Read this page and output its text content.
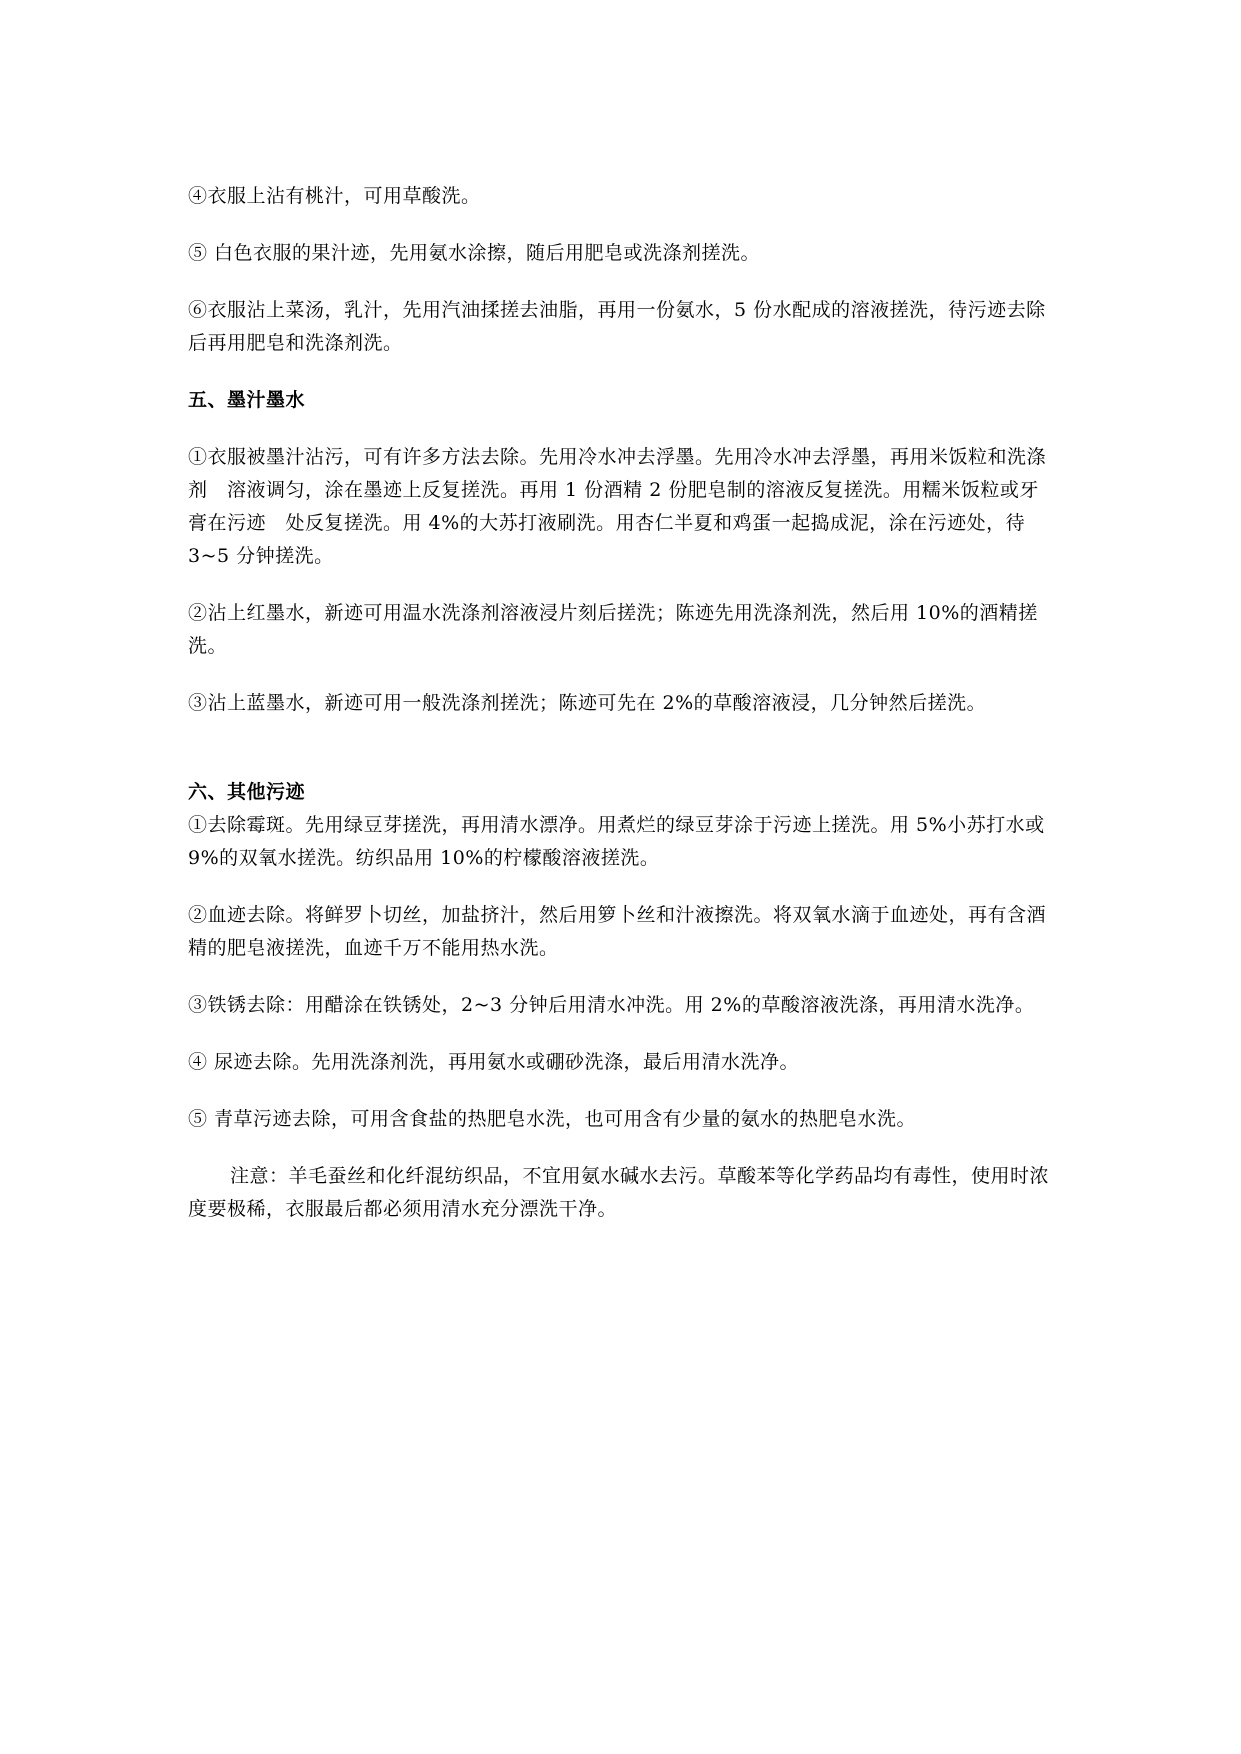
④衣服上沾有桃汁，可用草酸洗。

⑤ 白色衣服的果汁迹，先用氨水涂擦，随后用肥皂或洗涤剂搓洗。

⑥衣服沾上菜汤，乳汁，先用汽油揉搓去油脂，再用一份氨水，5 份水配成的溶液搓洗，待污迹去除后再用肥皂和洗涤剂洗。

五、墨汁墨水

①衣服被墨汁沾污，可有许多方法去除。先用冷水冲去浮墨。先用冷水冲去浮墨，再用米饭粒和洗涤剂　溶液调匀，涂在墨迹上反复搓洗。再用 1 份酒精 2 份肥皂制的溶液反复搓洗。用糯米饭粒或牙膏在污迹　处反复搓洗。用 4%的大苏打液刷洗。用杏仁半夏和鸡蛋一起捣成泥，涂在污迹处，待 3~5 分钟搓洗。

②沾上红墨水，新迹可用温水洗涤剂溶液浸片刻后搓洗；陈迹先用洗涤剂洗，然后用 10%的酒精搓洗。

③沾上蓝墨水，新迹可用一般洗涤剂搓洗；陈迹可先在 2%的草酸溶液浸，几分钟然后搓洗。

六、其他污迹

①去除霉斑。先用绿豆芽搓洗，再用清水漂净。用煮烂的绿豆芽涂于污迹上搓洗。用 5%小苏打水或 9%的双氧水搓洗。纺织品用 10%的柠檬酸溶液搓洗。

②血迹去除。将鲜罗卜切丝，加盐挤汁，然后用箩卜丝和汁液擦洗。将双氧水滴于血迹处，再有含酒精的肥皂液搓洗，血迹千万不能用热水洗。

③铁锈去除：用醋涂在铁锈处，2~3 分钟后用清水冲洗。用 2%的草酸溶液洗涤，再用清水洗净。

④ 尿迹去除。先用洗涤剂洗，再用氨水或硼砂洗涤，最后用清水洗净。

⑤ 青草污迹去除，可用含食盐的热肥皂水洗，也可用含有少量的氨水的热肥皂水洗。

注意：羊毛蚕丝和化纤混纺织品，不宜用氨水碱水去污。草酸苯等化学药品均有毒性，使用时浓度要极稀，衣服最后都必须用清水充分漂洗干净。
